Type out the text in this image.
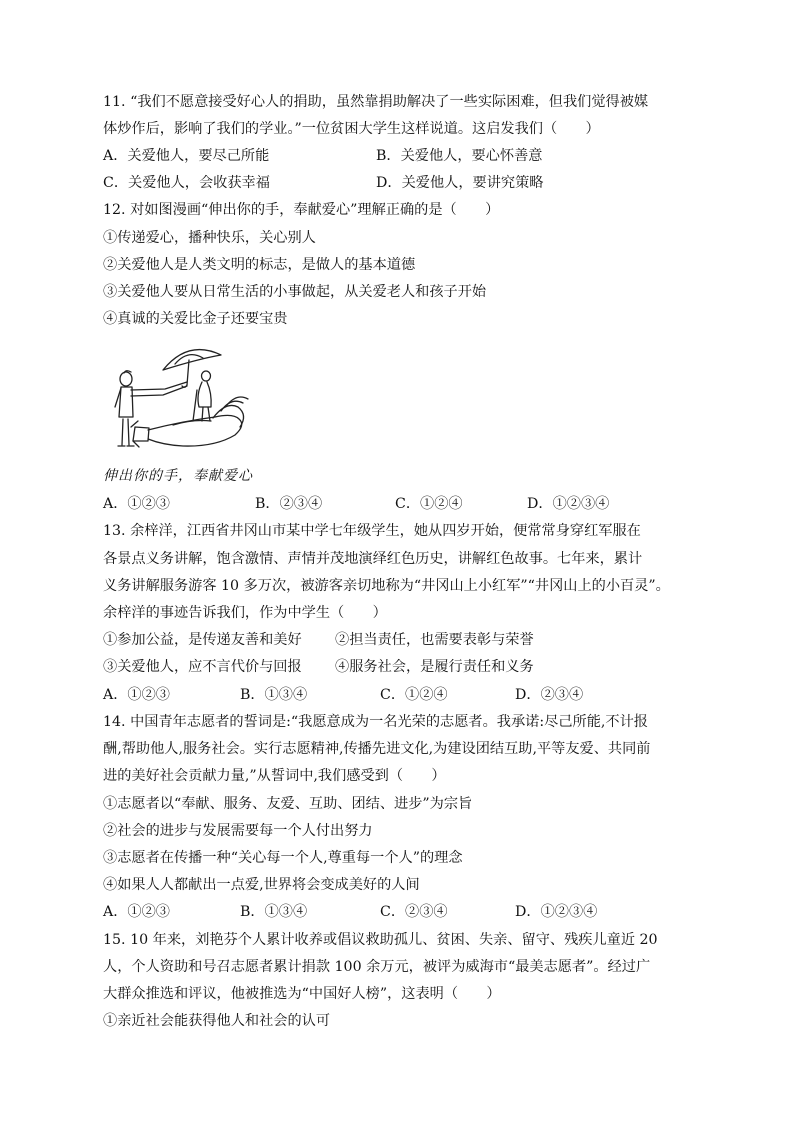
11. “我们不愿意接受好心人的捐助，虽然靠捐助解决了一些实际困难，但我们觉得被媒
体炒作后，影响了我们的学业。”一位贫困大学生这样说道。这启发我们（　　）
A．关爱他人，要尽己所能	B．关爱他人，要心怀善意
C．关爱他人，会收获幸福	D．关爱他人，要讲究策略
12. 对如图漫画“伸出你的手，奉献爱心”理解正确的是（　　）
①传递爱心，播种快乐，关心别人
②关爱他人是人类文明的标志，是做人的基本道德
③关爱他人要从日常生活的小事做起，从关爱老人和孩子开始
④真诚的关爱比金子还要宝贵
伸出你的手，奉献爱心
A．①②③	B．②③④	C．①②④	D．①②③④
13. 余梓洋，江西省井冈山市某中学七年级学生，她从四岁开始，便常常身穿红军服在
各景点义务讲解，饱含激情、声情并茂地演绎红色历史，讲解红色故事。七年来，累计
义务讲解服务游客 10 多万次，被游客亲切地称为“井冈山上小红军”“井冈山上的小百灵”。
余梓洋的事迹告诉我们，作为中学生（　　）
①参加公益，是传递友善和美好 ②担当责任，也需要表彰与荣誉
③关爱他人，应不言代价与回报 ④服务社会，是履行责任和义务
A．①②③	B．①③④	C．①②④	D．②③④
14. 中国青年志愿者的誓词是:“我愿意成为一名光荣的志愿者。我承诺:尽己所能,不计报
酬,帮助他人,服务社会。实行志愿精神,传播先进文化,为建设团结互助,平等友爱、共同前
进的美好社会贡献力量,”从誓词中,我们感受到（　　）
①志愿者以“奉献、服务、友爱、互助、团结、进步”为宗旨
②社会的进步与发展需要每一个人付出努力
③志愿者在传播一种“关心每一个人,尊重每一个人”的理念
④如果人人都献出一点爱,世界将会变成美好的人间
A．①②③	B．①③④	C．②③④	D．①②③④
15. 10 年来，刘艳芬个人累计收养或倡议救助孤儿、贫困、失亲、留守、残疾儿童近 20
人，个人资助和号召志愿者累计捐款 100 余万元，被评为威海市“最美志愿者”。经过广
大群众推选和评议，他被推选为“中国好人榜”，这表明（　　）
①亲近社会能获得他人和社会的认可
